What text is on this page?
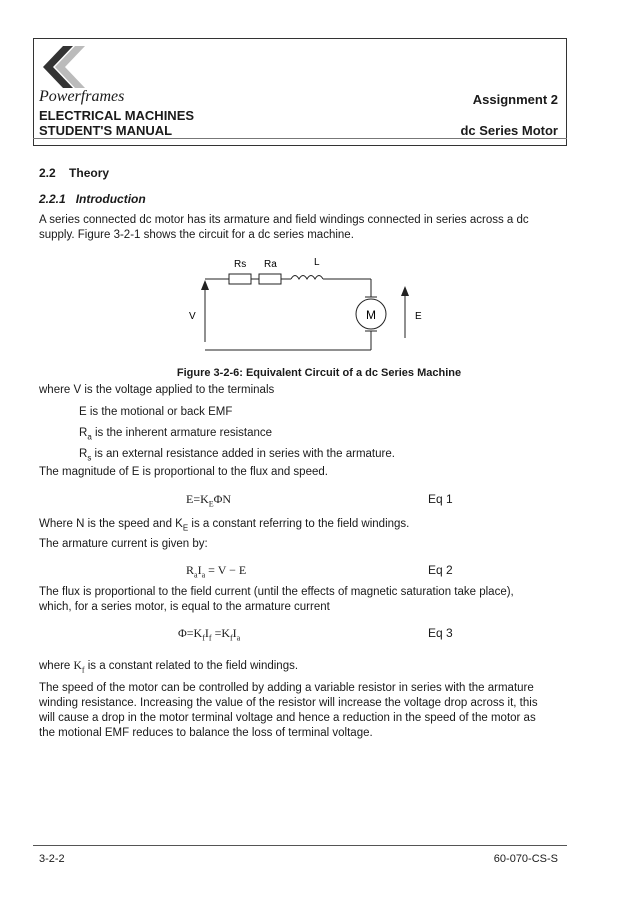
Powerframes
ELECTRICAL MACHINES
STUDENT'S MANUAL
Assignment 2
dc Series Motor
2.2 Theory
2.2.1 Introduction
A series connected dc motor has its armature and field windings connected in series across a dc
supply. Figure 3-2-1 shows the circuit for a dc series machine.
Rs Ra	L
M
V	E
Figure 3-2-6: Equivalent Circuit of a dc Series Machine
where V is the voltage applied to the terminals
E is the motional or back EMF
$R_a$ is the inherent armature resistance
$R_s$ is an external resistance added in series with the armature.
The magnitude of E is proportional to the flux and speed.
$E=K_E\Phi N$	Eq 1
Where N is the speed and $K_E$ is a constant referring to the field windings.
The armature current is given by:
$R_aI_a = V - E$	Eq 2
The flux is proportional to the field current (until the effects of magnetic saturation take place),
which, for a series motor, is equal to the armature current
$\Phi=K_fI_f =K_fI_a$	Eq 3
where $K_f$ is a constant related to the field windings.
The speed of the motor can be controlled by adding a variable resistor in series with the armature
winding resistance. Increasing the value of the resistor will increase the voltage drop across it, this
will cause a drop in the motor terminal voltage and hence a reduction in the speed of the motor as
the motional EMF reduces to balance the loss of terminal voltage.
3-2-2	60-070-CS-S
